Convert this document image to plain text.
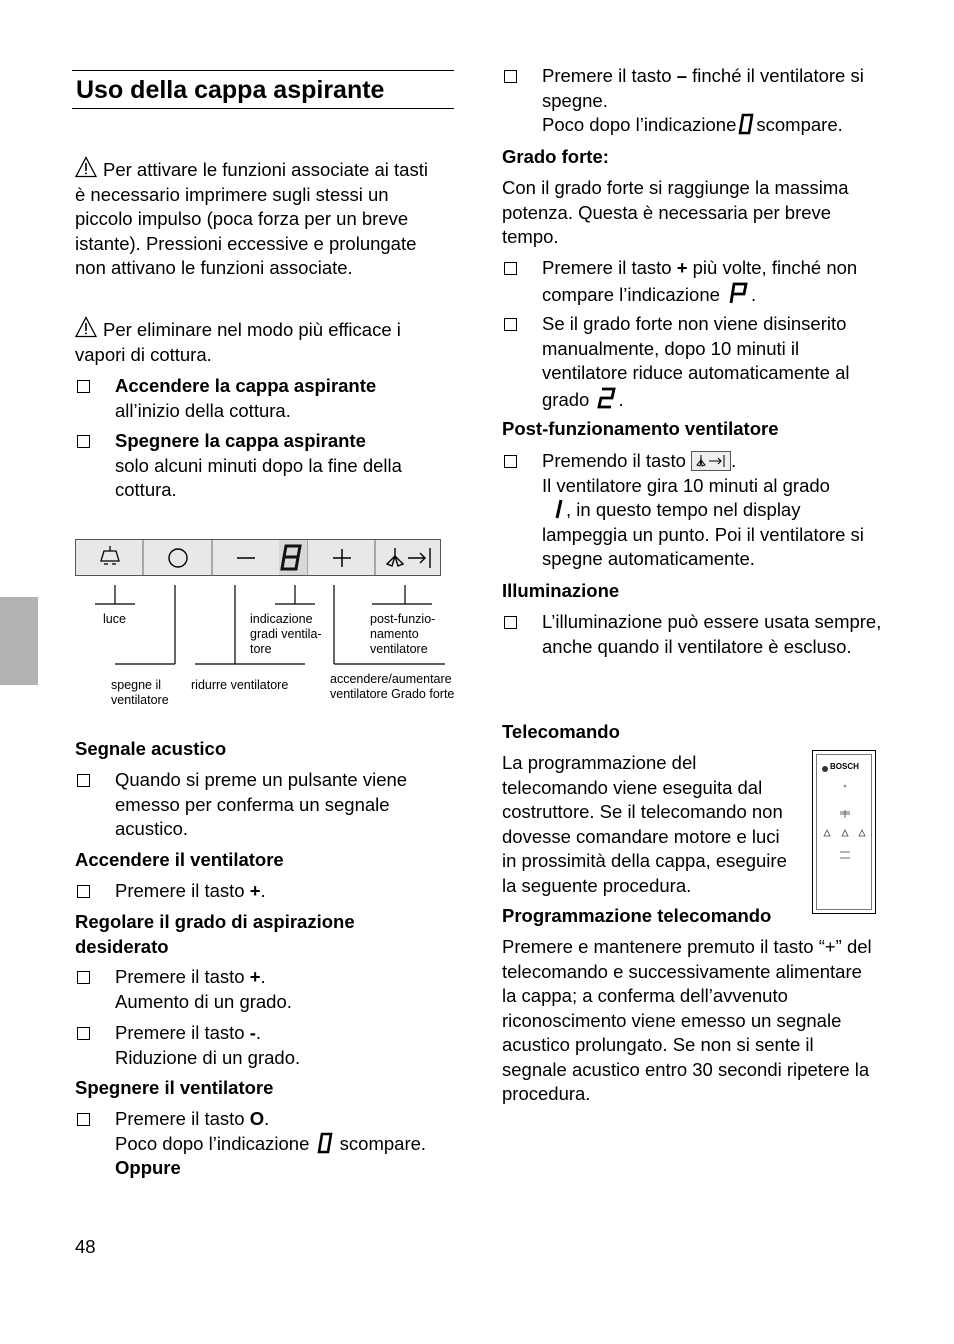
Uso della cappa aspirante

Per attivare le funzioni associate ai tasti è necessario imprimere sugli stessi un piccolo impulso (poca forza per un breve istante). Pressioni eccessive e prolungate non attivano le funzioni associate.

Per eliminare nel modo più efficace i vapori di cottura.

Accendere la cappa aspirante
all’inizio della cottura.
Spegnere la cappa aspirante
solo alcuni minuti dopo la fine della cottura.
luce	indicazione gradi ventila-tore
post-funzio-namento ventilatore
spegne il ventilatore
ridurre ventilatore	accendere/aumentare ventilatore Grado forte
Segnale acustico
Quando si preme un pulsante viene emesso per conferma un segnale acustico.
Accendere il ventilatore
Premere il tasto +.
Regolare il grado di aspirazione desiderato
Premere il tasto +.
Aumento di un grado.
Premere il tasto -.
Riduzione di un grado.
Spegnere il ventilatore
Premere il tasto O.
Poco dopo l’indicazione  scompare.
Oppure
Premere il tasto – finché il ventilatore si spegne.
Poco dopo l’indicazione scompare.
Grado forte:

Con il grado forte si raggiunge la massima potenza. Questa è necessaria per breve tempo.

Premere il tasto + più volte, finché non compare l’indicazione .
Se il grado forte non viene disinserito manualmente, dopo 10 minuti il ventilatore riduce automaticamente al grado .
Post-funzionamento ventilatore
Premendo il tasto .
Il ventilatore gira 10 minuti al grado
, in questo tempo nel display lampeggia un punto. Poi il ventilatore si spegne automaticamente.
Illuminazione
L’illuminazione può essere usata sempre, anche quando il ventilatore è escluso.
Telecomando

La programmazione del telecomando viene eseguita dal costruttore. Se il telecomando non dovesse comandare motore e luci in prossimità della cappa, eseguire la seguente procedura.

BOSCH
Programmazione telecomando

Premere e mantenere premuto il tasto “+” del telecomando e successivamente alimentare la cappa; a conferma dell’avvenuto riconoscimento viene emesso un segnale acustico prolungato. Se non si sente il segnale acustico entro 30 secondi ripetere la procedura.

48
